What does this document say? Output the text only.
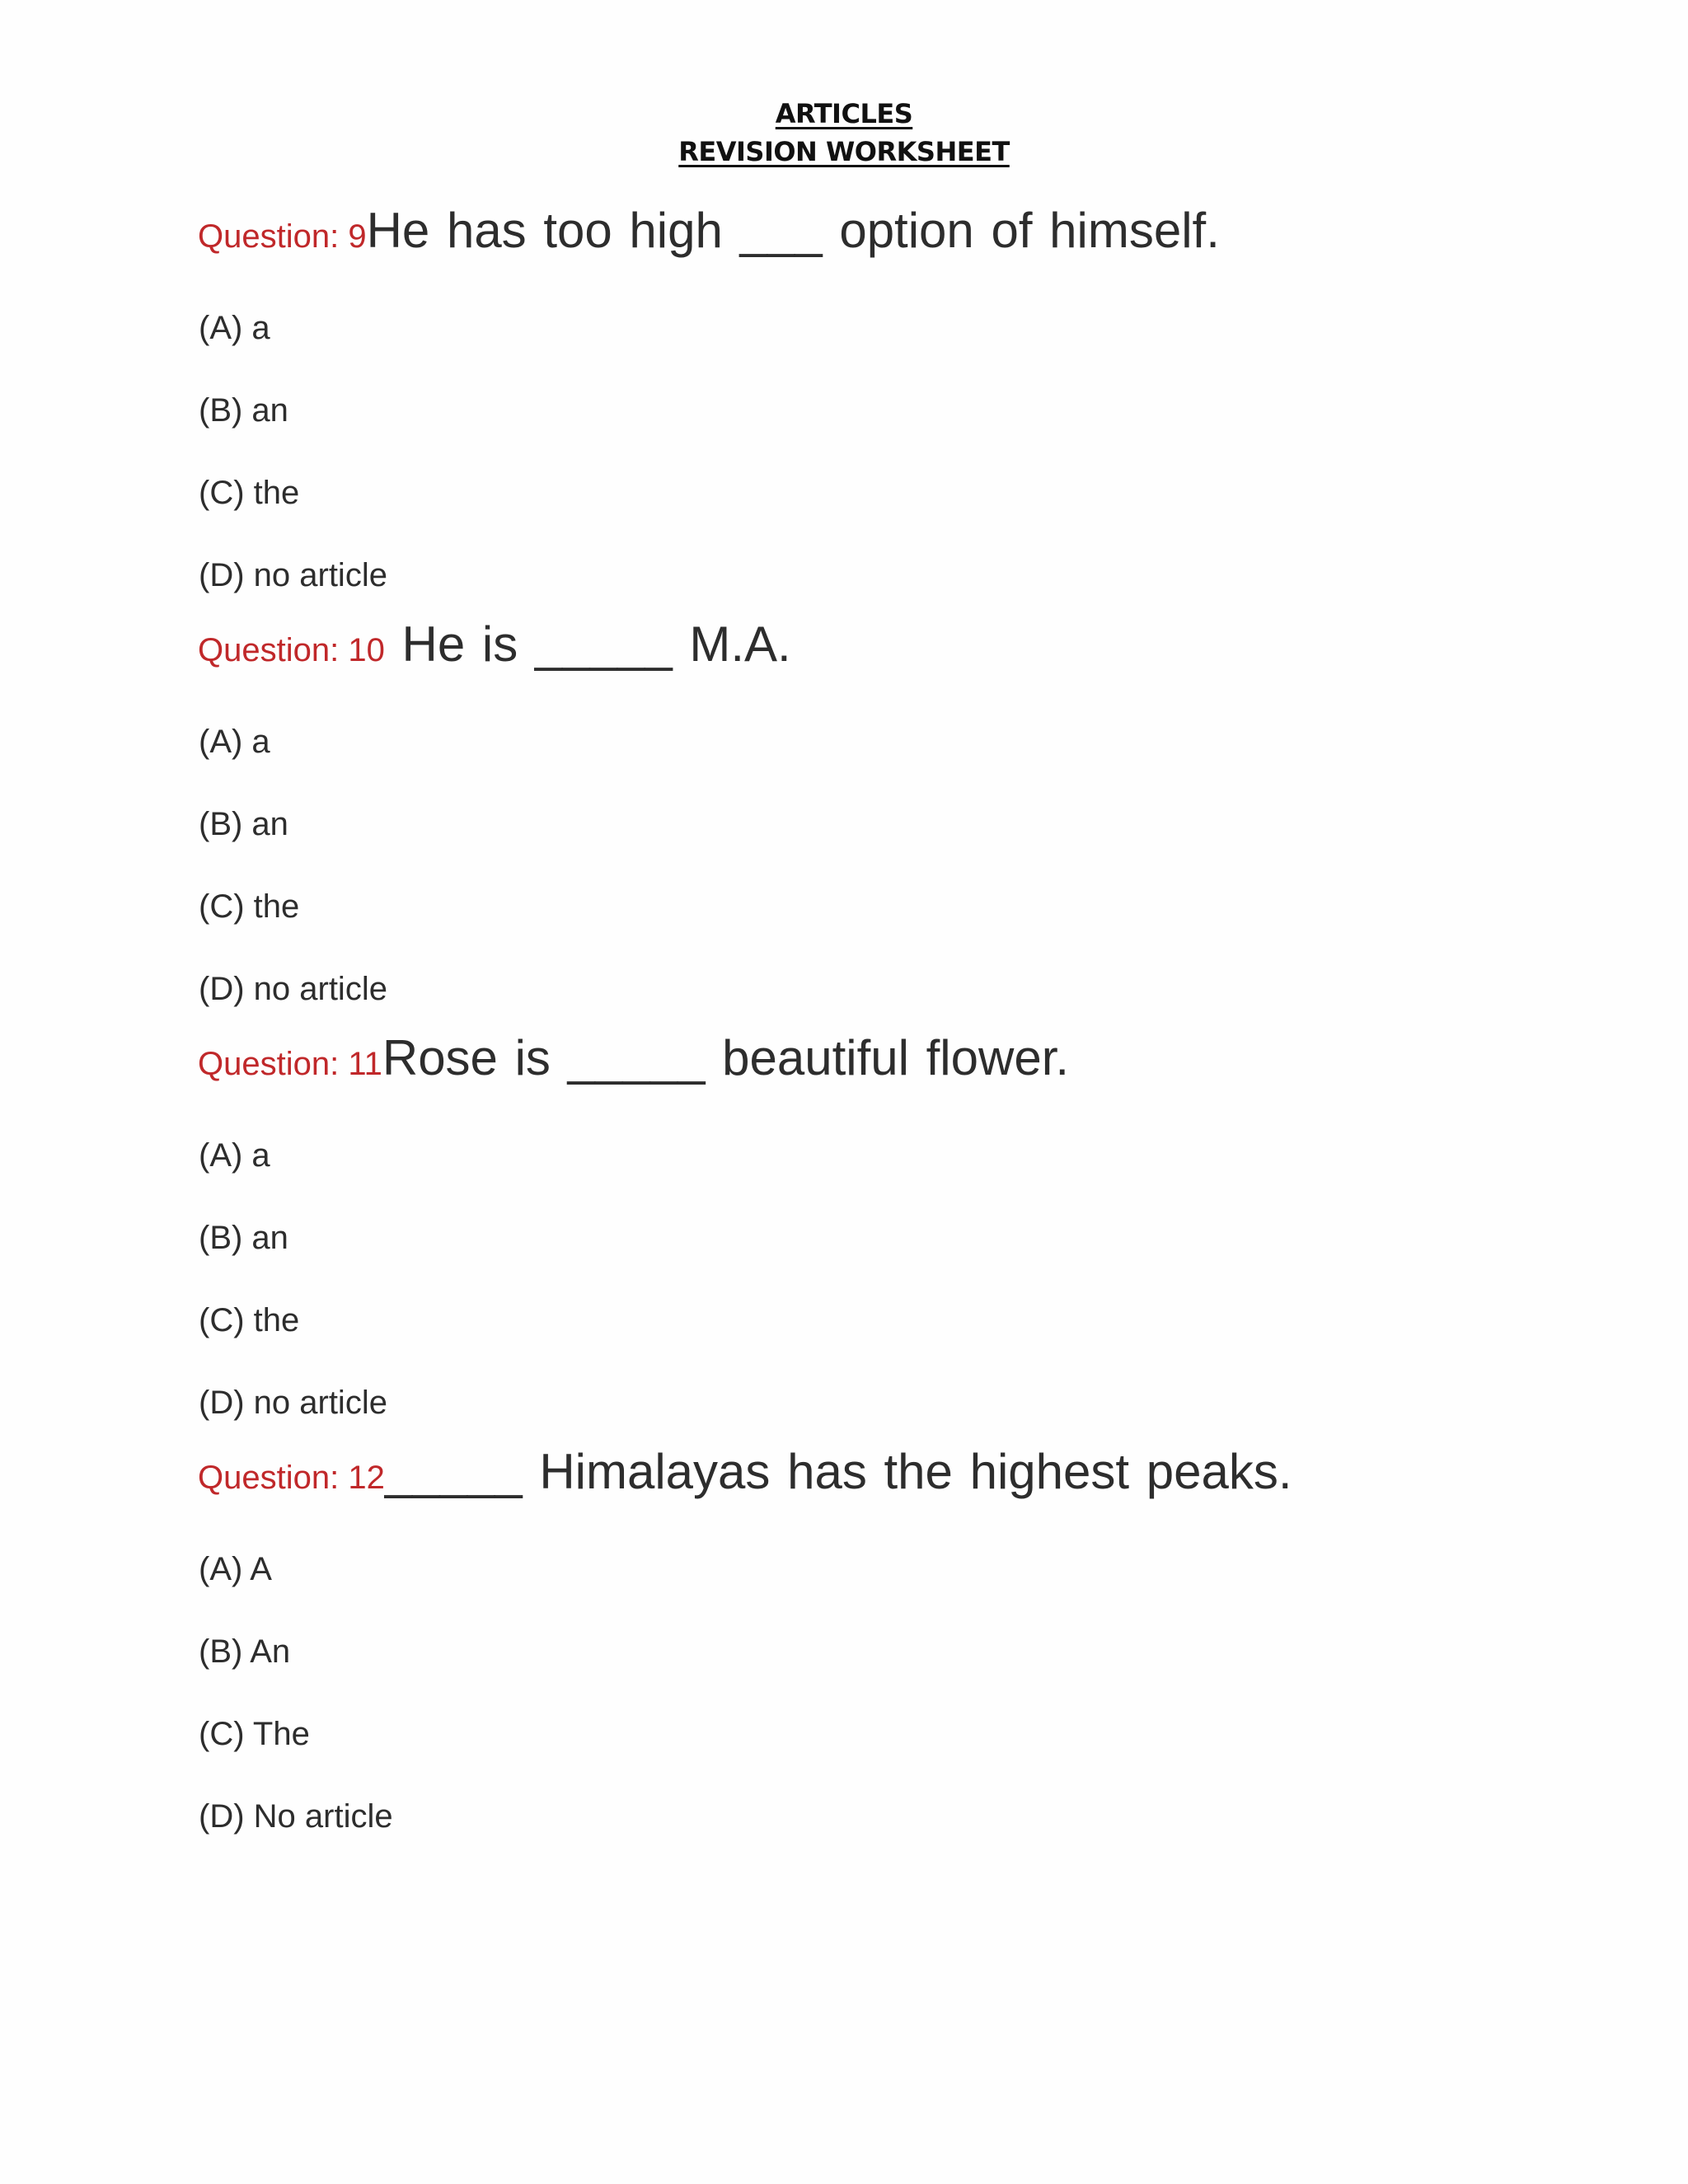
ARTICLES
REVISION WORKSHEET
Question: 9He has too high ___ option of himself.
(A) a
(B) an
(C) the
(D) no article
Question: 10 He is _____ M.A.
(A) a
(B) an
(C) the
(D) no article
Question: 11Rose is _____ beautiful flower.
(A) a
(B) an
(C) the
(D) no article
Question: 12_____ Himalayas has the highest peaks.
(A) A
(B) An
(C) The
(D) No article
